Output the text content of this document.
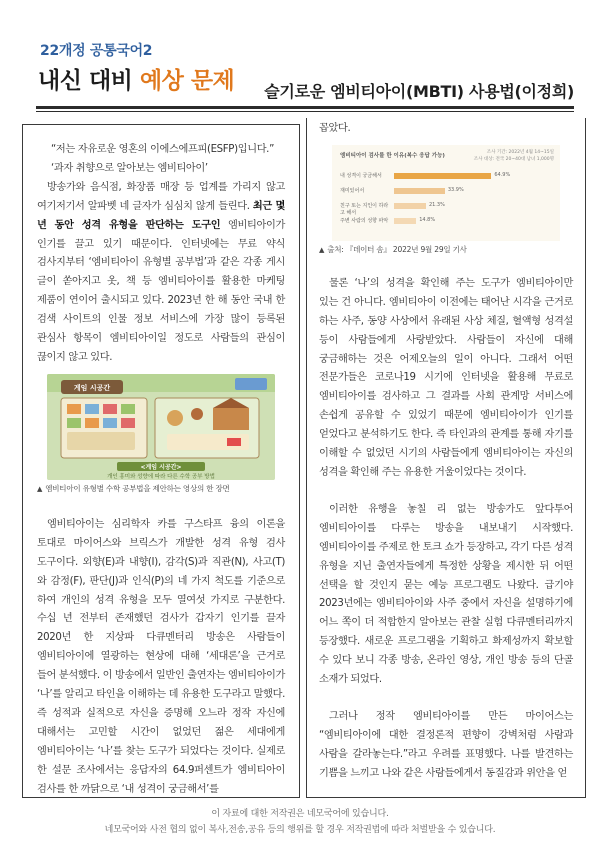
22개정 공통국어2
내신 대비 예상 문제 슬기로운 엠비티아이(MBTI) 사용법(이정희)
“저는 자유로운 영혼의 이에스에프피(ESFP)입니다.”
‘과자 취향으로 알아보는 엠비티아이’

방송가와 음식점, 화장품 매장 등 업계를 가리지 않고 여기저기서 알파벳 네 글자가 심심치 않게 들린다. 최근 몇 년 동안 성격 유형을 판단하는 도구인 엠비티아이가 인기를 끌고 있기 때문이다. 인터넷에는 무료 약식 검사지부터 ‘엠비티아이 유형별 공부법’과 같은 각종 게시 글이 쏟아지고 옷, 책 등 엠비티아이를 활용한 마케팅 제품이 연이어 출시되고 있다. 2023년 한 해 동안 국내 한 검색 사이트의 인물 정보 서비스에 가장 많이 등록된 관심사 항목이 엠비티아이일 정도로 사람들의 관심이 끊이지 않고 있다.

게임 시공간
<게임 시공간>
개인 흥미와 성향에 따라 다른 수학 공부 방법
▲ 엠비티아이 유형별 수학 공부법을 제안하는 영상의 한 장면

엠비티아이는 심리학자 카를 구스타프 융의 이론을 토대로 마이어스와 브릭스가 개발한 성격 유형 검사 도구이다. 외향(E)과 내향(I), 감각(S)과 직관(N), 사고(T)와 감정(F), 판단(J)과 인식(P)의 네 가지 척도를 기준으로 하여 개인의 성격 유형을 모두 열여섯 가지로 구분한다. 수십 년 전부터 존재했던 검사가 갑자기 인기를 끌자 2020년 한 지상파 다큐멘터리 방송은 사람들이 엠비티아이에 열광하는 현상에 대해 ‘세대론’을 근거로 들어 분석했다. 이 방송에서 일반인 출연자는 엠비티아이가 ‘나’를 알리고 타인을 이해하는 데 유용한 도구라고 말했다. 즉 성적과 실적으로 자신을 증명해 오느라 정작 자신에 대해서는 고민할 시간이 없었던 젊은 세대에게 엠비티아이는 ‘나’를 찾는 도구가 되었다는 것이다. 실제로 한 설문 조사에서는 응답자의 64.9퍼센트가 엠비티아이 검사를 한 까닭으로 ‘내 성격이 궁금해서’를

꼽았다.

엠비티아이 검사를 한 이유(복수 응답 가능)
조사 기간: 2022년 4월 14~15일
조사 대상: 전국 20~40대 남녀 1,000명
내 성격이 궁금해서	64.9%
재미있어서	33.9%
친구 또는 지인이 하라고 해서
21.3%
주변 사람의 성향 파악	14.8%
▲ 출처: 『데이터 솜』 2022년 9월 29일 기사

물론 ‘나’의 성격을 확인해 주는 도구가 엠비티아이만 있는 건 아니다. 엠비티아이 이전에는 태어난 시각을 근거로 하는 사주, 동양 사상에서 유래된 사상 체질, 혈액형 성격설 등이 사람들에게 사랑받았다. 사람들이 자신에 대해 궁금해하는 것은 어제오늘의 일이 아니다. 그래서 어떤 전문가들은 코로나19 시기에 인터넷을 활용해 무료로 엠비티아이를 검사하고 그 결과를 사회 관계망 서비스에 손쉽게 공유할 수 있었기 때문에 엠비티아이가 인기를 얻었다고 분석하기도 한다. 즉 타인과의 관계를 통해 자기를 이해할 수 없었던 시기의 사람들에게 엠비티아이는 자신의 성격을 확인해 주는 유용한 거울이었다는 것이다.

이러한 유행을 놓칠 리 없는 방송가도 앞다투어 엠비티아이를 다루는 방송을 내보내기 시작했다. 엠비티아이를 주제로 한 토크 쇼가 등장하고, 각기 다른 성격 유형을 지닌 출연자들에게 특정한 상황을 제시한 뒤 어떤 선택을 할 것인지 묻는 예능 프로그램도 나왔다. 급기야 2023년에는 엠비티아이와 사주 중에서 자신을 설명하기에 어느 쪽이 더 적합한지 알아보는 관찰 실험 다큐멘터리까지 등장했다. 새로운 프로그램을 기획하고 화제성까지 확보할 수 있다 보니 각종 방송, 온라인 영상, 개인 방송 등의 단골 소재가 되었다.

그러나 정작 엠비티아이를 만든 마이어스는 “엠비티아이에 대한 결정론적 편향이 강벽처럼 사람과 사람을 갈라놓는다.”라고 우려를 표명했다. 나를 발견하는 기쁨을 느끼고 나와 같은 사람들에게서 동질감과 위안을 얻

이 자료에 대한 저작권은 네모국어에 있습니다.
네모국어와 사전 협의 없이 복사,전송,공유 등의 행위를 할 경우 저작권법에 따라 처벌받을 수 있습니다.
